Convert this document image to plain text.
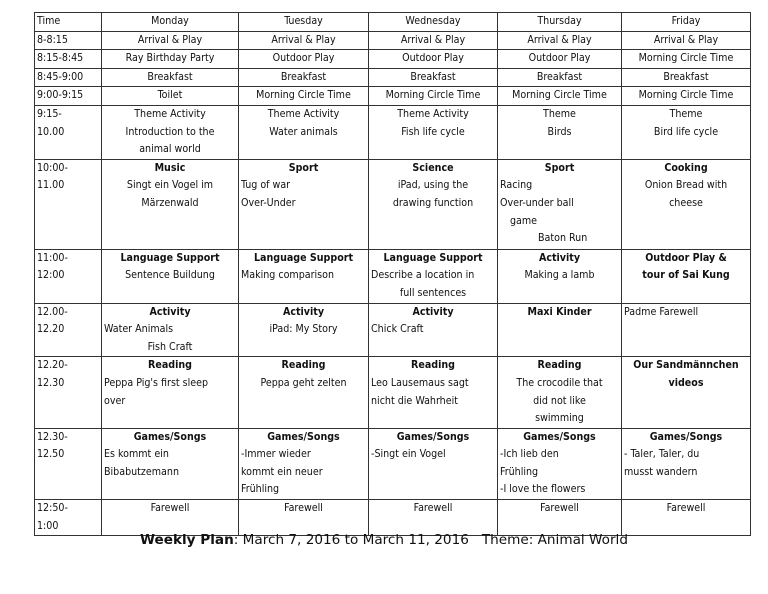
Time	Monday	Tuesday	Wednesday	Thursday	Friday
8-8:15	Arrival & Play	Arrival & Play	Arrival & Play	Arrival & Play	Arrival & Play
8:15-8:45	Ray Birthday Party	Outdoor Play	Outdoor Play	Outdoor Play	Morning Circle Time
8:45-9:00	Breakfast	Breakfast	Breakfast	Breakfast	Breakfast
9:00-9:15	Toilet	Morning Circle Time	Morning Circle Time	Morning Circle Time	Morning Circle Time

9:15-
10.00	Theme Activity
Introduction to the
animal world	Theme Activity
Water animals	Theme Activity
Fish life cycle	Theme
Birds	Theme
Bird life cycle

10:00-
11.00	Music
Singt ein Vogel im
Märzenwald	Sport
- Tug of war
- Over-Under	Science
iPad, using the
drawing function	Sport
- Racing
- Over-under ball
game
Baton Run	Cooking
Onion Bread with
cheese

11:00-
12:00	Language Support
Sentence Buildung	Language Support
Making comparison	Language Support
Describe a location in
full sentences	Activity
Making a lamb	Outdoor Play &
tour of Sai Kung

12.00-
12.20	Activity
Water Animals
Fish Craft	Activity
iPad: My Story	Activity
Chick Craft	Maxi Kinder	Padme Farewell

12.20-
12.30	Reading
Peppa Pig's first sleep
over	Reading
Peppa geht zelten	Reading
Leo Lausemaus sagt
nicht die Wahrheit	Reading
The crocodile that
did not like
swimming	Our Sandmännchen
videos

12.30-
12.50	Games/Songs
Es kommt ein
Bibabutzemann	Games/Songs
-Immer wieder
kommt ein neuer
Frühling	Games/Songs
-Singt ein Vogel	Games/Songs
-Ich lieb den
Frühling
-I love the flowers	Games/Songs
- Taler, Taler, du
musst wandern

12:50-
1:00	Farewell	Farewell	Farewell	Farewell	Farewell
Weekly Plan: March 7, 2016 to March 11, 2016   Theme: Animal World
